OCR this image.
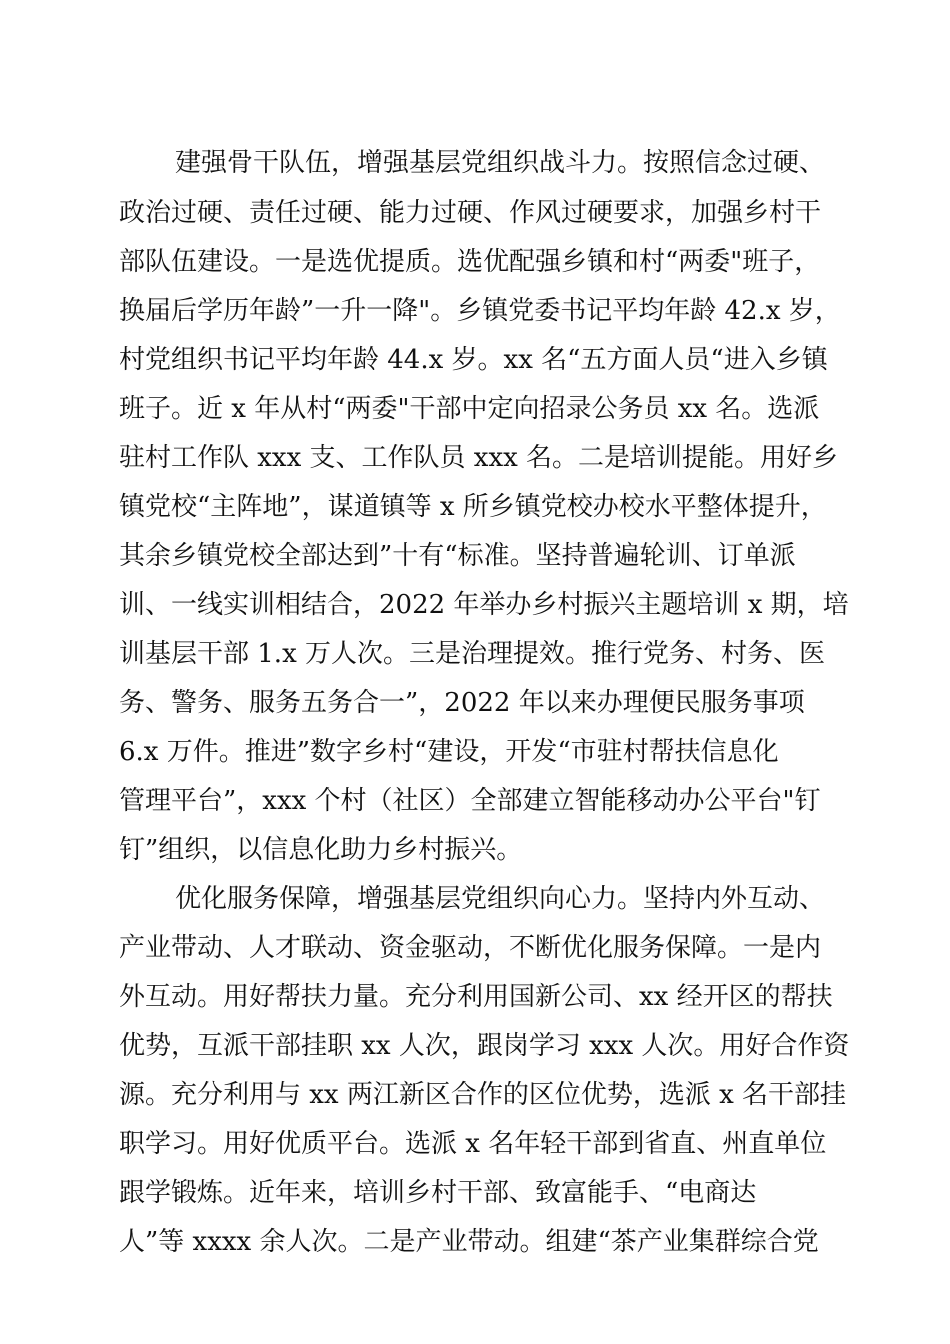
建强骨干队伍，增强基层党组织战斗力。按照信念过硬、

政治过硬、责任过硬、能力过硬、作风过硬要求，加强乡村干

部队伍建设。一是选优提质。选优配强乡镇和村“两委"班子，

换届后学历年龄”一升一降"。乡镇党委书记平均年龄 42.x 岁，

村党组织书记平均年龄 44.x 岁。xx 名“五方面人员“进入乡镇

班子。近 x 年从村“两委"干部中定向招录公务员 xx 名。选派

驻村工作队 xxx 支、工作队员 xxx 名。二是培训提能。用好乡

镇党校“主阵地”，谋道镇等 x 所乡镇党校办校水平整体提升，

其余乡镇党校全部达到”十有“标准。坚持普遍轮训、订单派

训、一线实训相结合，2022 年举办乡村振兴主题培训 x 期，培

训基层干部 1.x 万人次。三是治理提效。推行党务、村务、医

务、警务、服务五务合一”，2022 年以来办理便民服务事项

6.x 万件。推进”数字乡村“建设，开发“市驻村帮扶信息化

管理平台”，xxx 个村（社区）全部建立智能移动办公平台"钉

钉”组织，以信息化助力乡村振兴。

优化服务保障，增强基层党组织向心力。坚持内外互动、

产业带动、人才联动、资金驱动，不断优化服务保障。一是内

外互动。用好帮扶力量。充分利用国新公司、xx 经开区的帮扶

优势，互派干部挂职 xx 人次，跟岗学习 xxx 人次。用好合作资

源。充分利用与 xx 两江新区合作的区位优势，选派 x 名干部挂

职学习。用好优质平台。选派 x 名年轻干部到省直、州直单位

跟学锻炼。近年来，培训乡村干部、致富能手、“电商达

人”等 xxxx 余人次。二是产业带动。组建“茶产业集群综合党
